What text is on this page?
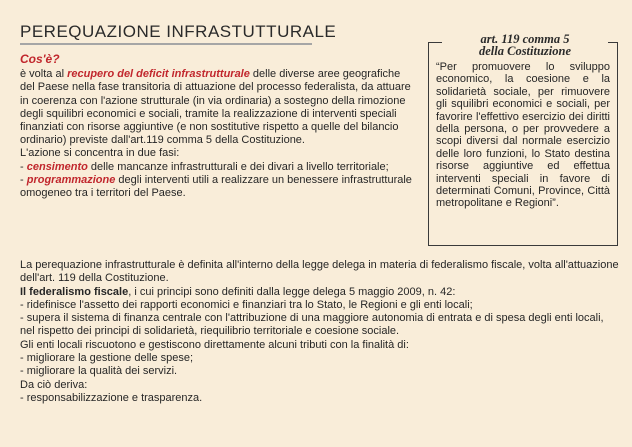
PEREQUAZIONE INFRASTUTTURALE
Cos'è?

è volta al recupero del deficit infrastrutturale delle diverse aree geografiche del Paese nella fase transitoria di attuazione del processo federalista, da attuare in coerenza con l'azione strutturale (in via ordinaria) a sostegno della rimozione degli squilibri economici e sociali, tramite la realizzazione di interventi speciali finanziati con risorse aggiuntive (e non sostitutive rispetto a quelle del bilancio ordinario) previste dall'art.119 comma 5 della Costituzione.

L'azione si concentra in due fasi:

- censimento delle mancanze infrastrutturali e dei divari a livello territoriale;

- programmazione degli interventi utili a realizzare un benessere infrastrutturale omogeneo tra i territori del Paese.

“Per promuovere lo sviluppo economico, la coesione e la solidarietà sociale, per rimuovere gli squilibri economici e sociali, per favorire l'effettivo esercizio dei diritti della persona, o per provvedere a scopi diversi dal normale esercizio delle loro funzioni, lo Stato destina risorse aggiuntive ed effettua interventi speciali in favore di determinati Comuni, Province, Città metropolitane e Regioni”.

art. 119 comma 5
della Costituzione

La perequazione infrastrutturale è definita all'interno della legge delega in materia di federalismo fiscale, volta all'attuazione dell'art. 119 della Costituzione.

Il federalismo fiscale, i cui principi sono definiti dalla legge delega 5 maggio 2009, n. 42:

- ridefinisce l'assetto dei rapporti economici e finanziari tra lo Stato, le Regioni e gli enti locali;

- supera il sistema di finanza centrale con l'attribuzione di una maggiore autonomia di entrata e di spesa degli enti locali, nel rispetto dei principi di solidarietà, riequilibrio territoriale e coesione sociale.

Gli enti locali riscuotono e gestiscono direttamente alcuni tributi con la finalità di:

- migliorare la gestione delle spese;

- migliorare la qualità dei servizi.

Da ciò deriva:

- responsabilizzazione e trasparenza.
